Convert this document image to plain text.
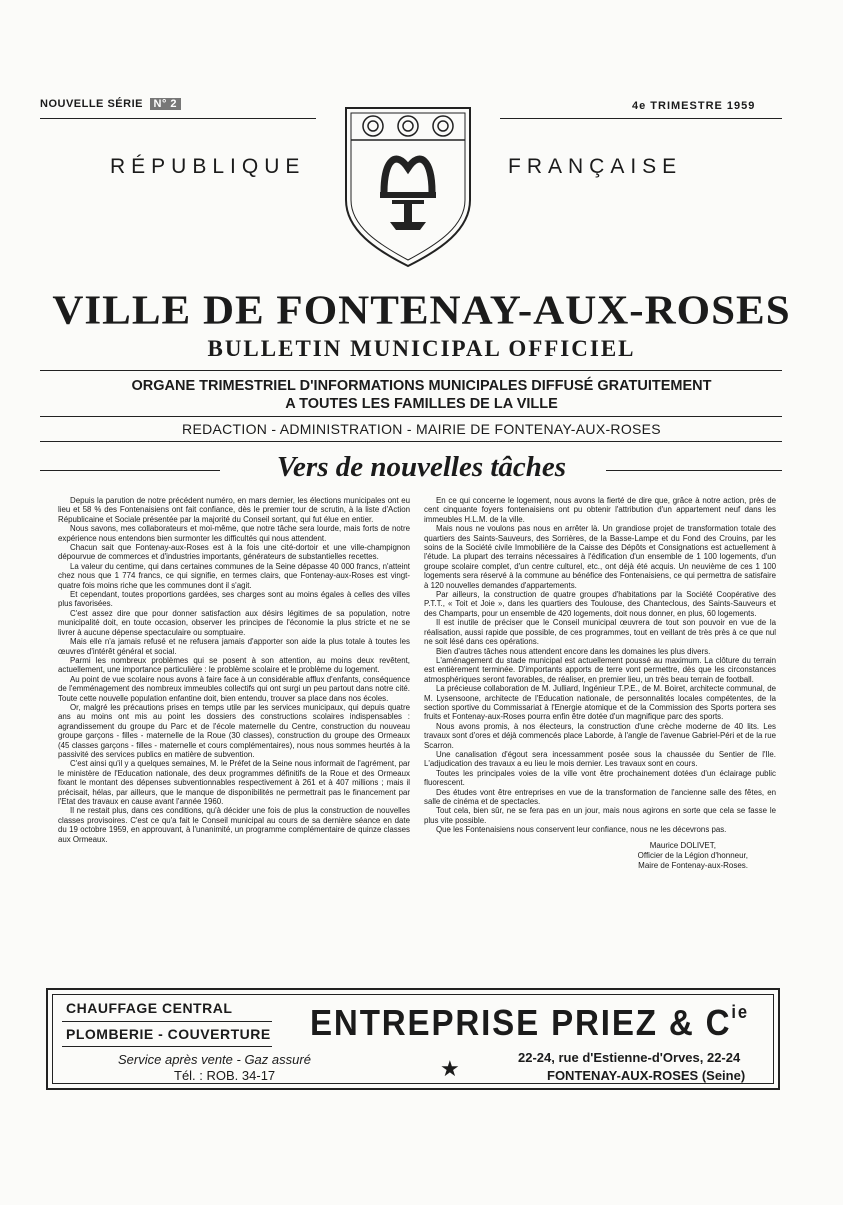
NOUVELLE SÉRIE N° 2	4e TRIMESTRE 1959
RÉPUBLIQUE	FRANÇAISE
VILLE DE FONTENAY-AUX-ROSES
BULLETIN MUNICIPAL OFFICIEL
ORGANE TRIMESTRIEL D'INFORMATIONS MUNICIPALES DIFFUSÉ GRATUITEMENT
A TOUTES LES FAMILLES DE LA VILLE
REDACTION - ADMINISTRATION - MAIRIE DE FONTENAY-AUX-ROSES
Vers de nouvelles tâches

Depuis la parution de notre précédent numéro, en mars dernier, les élections municipales ont eu lieu et 58 % des Fontenaisiens ont fait confiance, dès le premier tour de scrutin, à la liste d'Action Républicaine et Sociale présentée par la majorité du Conseil sortant, qui fut élue en entier.

Nous savons, mes collaborateurs et moi-même, que notre tâche sera lourde, mais forts de notre expérience nous entendons bien surmonter les difficultés qui nous attendent.

Chacun sait que Fontenay-aux-Roses est à la fois une cité-dortoir et une ville-champignon dépourvue de commerces et d'industries importants, générateurs de substantielles recettes.

La valeur du centime, qui dans certaines communes de la Seine dépasse 40 000 francs, n'atteint chez nous que 1 774 francs, ce qui signifie, en termes clairs, que Fontenay-aux-Roses est vingt-quatre fois moins riche que les communes dont il s'agit.

Et cependant, toutes proportions gardées, ses charges sont au moins égales à celles des villes plus favorisées.

C'est assez dire que pour donner satisfaction aux désirs légitimes de sa population, notre municipalité doit, en toute occasion, observer les principes de l'économie la plus stricte et ne se livrer à aucune dépense spectaculaire ou somptuaire.

Mais elle n'a jamais refusé et ne refusera jamais d'apporter son aide la plus totale à toutes les œuvres d'intérêt général et social.

Parmi les nombreux problèmes qui se posent à son attention, au moins deux revêtent, actuellement, une importance particulière : le problème scolaire et le problème du logement.

Au point de vue scolaire nous avons à faire face à un considérable afflux d'enfants, conséquence de l'emménagement des nombreux immeubles collectifs qui ont surgi un peu partout dans notre cité. Toute cette nouvelle population enfantine doit, bien entendu, trouver sa place dans nos écoles.

Or, malgré les précautions prises en temps utile par les services municipaux, qui depuis quatre ans au moins ont mis au point les dossiers des constructions scolaires indispensables : agrandissement du groupe du Parc et de l'école maternelle du Centre, construction du nouveau groupe garçons - filles - maternelle de la Roue (30 classes), construction du groupe des Ormeaux (45 classes garçons - filles - maternelle et cours complémentaires), nous nous sommes heurtés à la passivité des services publics en matière de subvention.

C'est ainsi qu'il y a quelques semaines, M. le Préfet de la Seine nous informait de l'agrément, par le ministère de l'Education nationale, des deux programmes définitifs de la Roue et des Ormeaux fixant le montant des dépenses subventionnables respectivement à 261 et à 407 millions ; mais il précisait, hélas, par ailleurs, que le manque de disponibilités ne permettrait pas le financement par l'Etat des travaux en cause avant l'année 1960.

Il ne restait plus, dans ces conditions, qu'à décider une fois de plus la construction de nouvelles classes provisoires. C'est ce qu'a fait le Conseil municipal au cours de sa dernière séance en date du 19 octobre 1959, en approuvant, à l'unanimité, un programme complémentaire de quinze classes aux Ormeaux.

En ce qui concerne le logement, nous avons la fierté de dire que, grâce à notre action, près de cent cinquante foyers fontenaisiens ont pu obtenir l'attribution d'un appartement neuf dans les immeubles H.L.M. de la ville.

Mais nous ne voulons pas nous en arrêter là. Un grandiose projet de transformation totale des quartiers des Saints-Sauveurs, des Sorrières, de la Basse-Lampe et du Fond des Crouins, par les soins de la Société civile Immobilière de la Caisse des Dépôts et Consignations est actuellement à l'étude. La plupart des terrains nécessaires à l'édification d'un ensemble de 1 100 logements, d'un groupe scolaire complet, d'un centre culturel, etc., ont déjà été acquis. Un neuvième de ces 1 100 logements sera réservé à la commune au bénéfice des Fontenaisiens, ce qui permettra de satisfaire à 120 nouvelles demandes d'appartements.

Par ailleurs, la construction de quatre groupes d'habitations par la Société Coopérative des P.T.T., « Toit et Joie », dans les quartiers des Toulouse, des Chanteclous, des Saints-Sauveurs et des Champarts, pour un ensemble de 420 logements, doit nous donner, en plus, 60 logements.

Il est inutile de préciser que le Conseil municipal œuvrera de tout son pouvoir en vue de la réalisation, aussi rapide que possible, de ces programmes, tout en veillant de très près à ce que nul ne soit lésé dans ces opérations.

Bien d'autres tâches nous attendent encore dans les domaines les plus divers.

L'aménagement du stade municipal est actuellement poussé au maximum. La clôture du terrain est entièrement terminée. D'importants apports de terre vont permettre, dès que les circonstances atmosphériques seront favorables, de réaliser, en premier lieu, un très beau terrain de football.

La précieuse collaboration de M. Julliard, Ingénieur T.P.E., de M. Boiret, architecte communal, de M. Lysensoone, architecte de l'Education nationale, de personnalités locales compétentes, de la section sportive du Commissariat à l'Energie atomique et de la Commission des Sports portera ses fruits et Fontenay-aux-Roses pourra enfin être dotée d'un magnifique parc des sports.

Nous avons promis, à nos électeurs, la construction d'une crèche moderne de 40 lits. Les travaux sont d'ores et déjà commencés place Laborde, à l'angle de l'avenue Gabriel-Péri et de la rue Scarron.

Une canalisation d'égout sera incessamment posée sous la chaussée du Sentier de l'Ile. L'adjudication des travaux a eu lieu le mois dernier. Les travaux sont en cours.

Toutes les principales voies de la ville vont être prochainement dotées d'un éclairage public fluorescent.

Des études vont être entreprises en vue de la transformation de l'ancienne salle des fêtes, en salle de cinéma et de spectacles.

Tout cela, bien sûr, ne se fera pas en un jour, mais nous agirons en sorte que cela se fasse le plus vite possible.

Que les Fontenaisiens nous conservent leur confiance, nous ne les décevrons pas.

Maurice DOLIVET,
Officier de la Légion d'honneur,
Maire de Fontenay-aux-Roses.
CHAUFFAGE CENTRAL
PLOMBERIE - COUVERTURE ENTREPRISE PRIEZ & $C^{ie}$
Service après vente - Gaz assuré
Tél. : ROB. 34-17	★	22-24, rue d'Estienne-d'Orves, 22-24
FONTENAY-AUX-ROSES (Seine)
